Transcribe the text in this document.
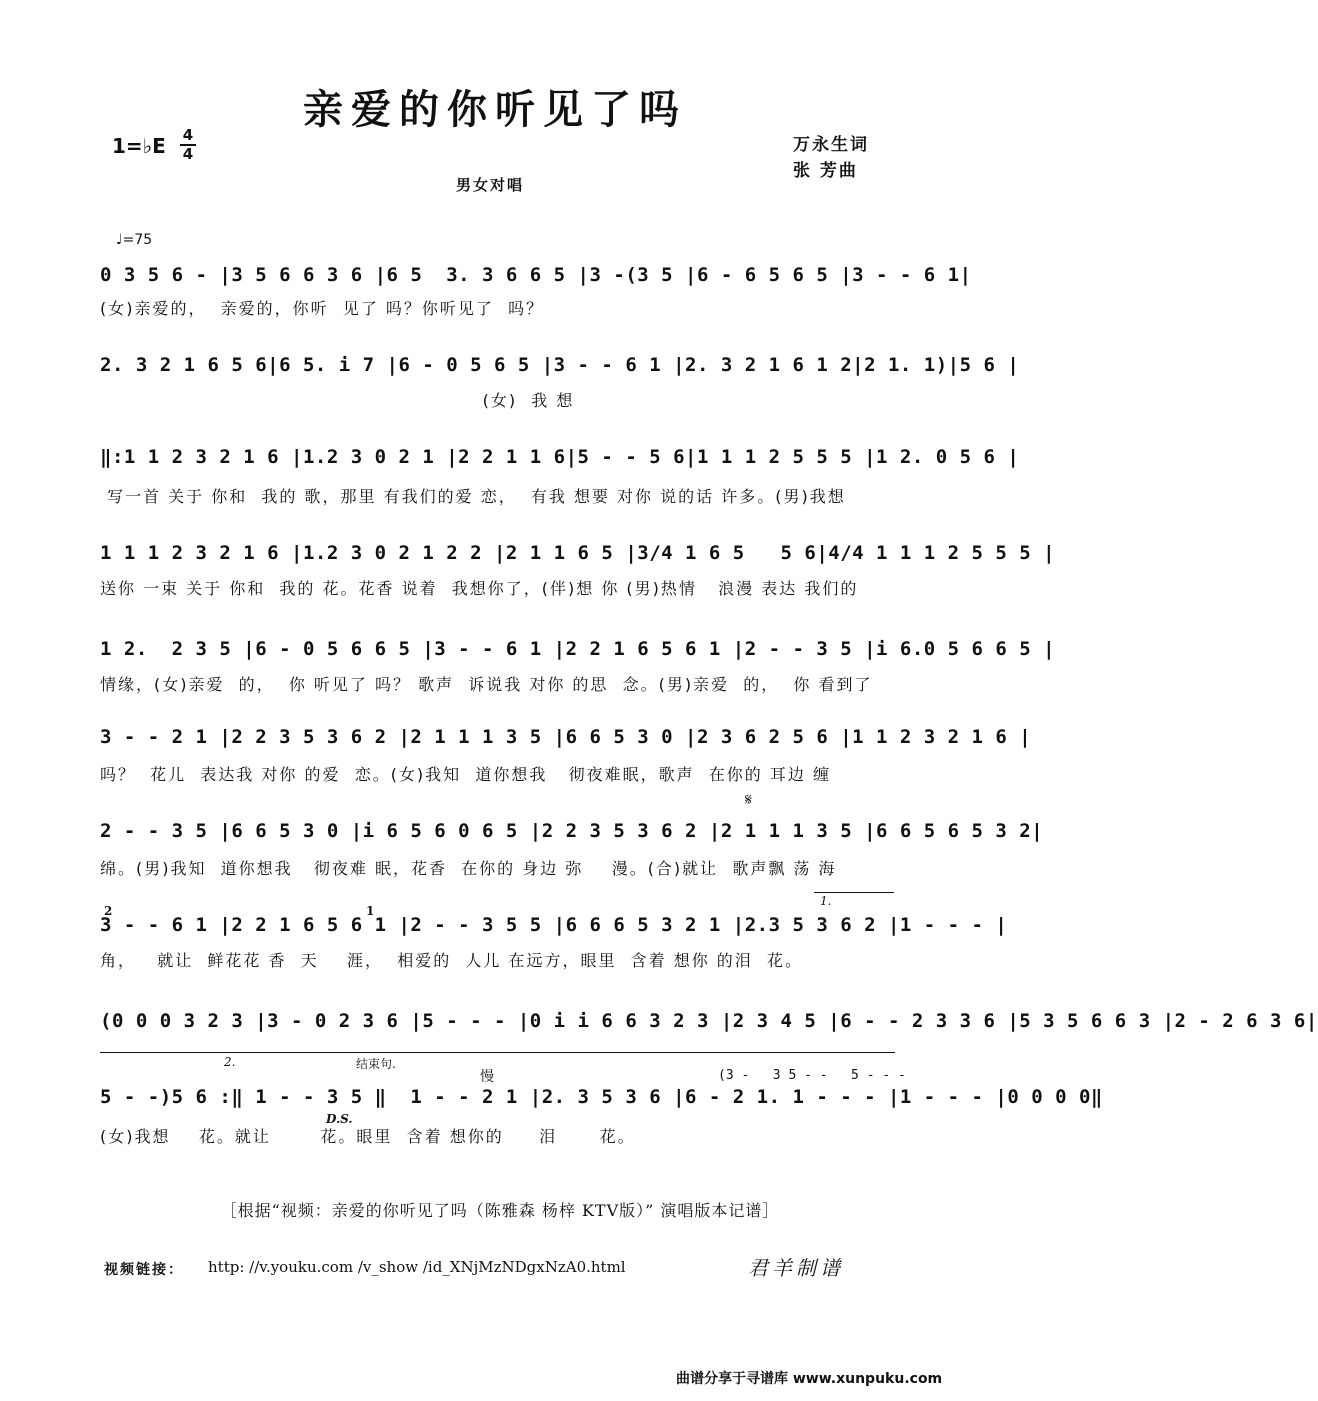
亲爱的你听见了吗
1=♭E 4
4	万永生词
张 芳曲
男女对唱
♩=75
0 3 5 6 - |3 5 6 6 3 6 |6 5  3. 3 6 6 5 |3 -(3 5 |6 - 6 5 6 5 |3 - - 6 1|
(女)亲爱的，  亲爱的，你听  见了 吗？你听见了  吗？
2. 3 2 1 6 5 6|6 5. i 7 |6 - 0 5 6 5 |3 - - 6 1 |2. 3 2 1 6 1 2|2 1. 1)|5 6 |
(女)  我 想
‖:1 1 2 3 2 1 6 |1.2 3 0 2 1 |2 2 1 1 6|5 - - 5 6|1 1 1 2 5 5 5 |1 2. 0 5 6 |
写一首 关于 你和  我的 歌，那里 有我们的爱 恋，  有我 想要 对你 说的话 许多。(男)我想
1 1 1 2 3 2 1 6 |1.2 3 0 2 1 2 2 |2 1 1 6 5 |3/4 1 6 5   5 6|4/4 1 1 1 2 5 5 5 |
送你 一束 关于 你和  我的 花。花香 说着  我想你了，(伴)想 你 (男)热情   浪漫 表达 我们的
1 2.  2 3 5 |6 - 0 5 6 6 5 |3 - - 6 1 |2 2 1 6 5 6 1 |2 - - 3 5 |i 6.0 5 6 6 5 |
情缘，(女)亲爱  的，  你 听见了 吗？ 歌声  诉说我 对你 的思  念。(男)亲爱  的，  你 看到了
3 - - 2 1 |2 2 3 5 3 6 2 |2 1 1 1 3 5 |6 6 5 3 0 |2 3 6 2 5 6 |1 1 2 3 2 1 6 |
吗？  花儿  表达我 对你 的爱  恋。(女)我知  道你想我   彻夜难眠，歌声  在你的 耳边 缠
𝄋
2 - - 3 5 |6 6 5 3 0 |i 6 5 6 0 6 5 |2 2 3 5 3 6 2 |2 1 1 1 3 5 |6 6 5 6 5 3 2|
绵。(男)我知  道你想我   彻夜难 眠，花香  在你的 身边 弥    漫。(合)就让  歌声飘 荡 海
2	1
1.
3 - - 6 1 |2 2 1 6 5 6 1 |2 - - 3 5 5 |6 6 6 5 3 2 1 |2.3 5 3 6 2 |1 - - - |
角，   就让  鲜花花 香  天    涯，  相爱的  人儿 在远方，眼里  含着 想你 的泪  花。
(0 0 0 3 2 3 |3 - 0 2 3 6 |5 - - - |0 i i 6 6 3 2 3 |2 3 4 5 |6 - - 2 3 3 6 |5 3 5 6 6 3 |2 - 2 6 3 6|
2.	结束句.
慢
D.S.
(3 -   3 5 - -   5 - - -
5 - -)5 6 :‖ 1 - - 3 5 ‖  1 - - 2 1 |2. 3 5 3 6 |6 - 2 1. 1 - - - |1 - - - |0 0 0 0‖
(女)我想    花。就让       花。眼里  含着 想你的     泪      花。
［根据“视频：亲爱的你听见了吗（陈雅森 杨梓 KTV版）” 演唱版本记谱］
视频链接： http: //v.youku.com /v_show /id_XNjMzNDgxNzA0.html	君羊制谱
曲谱分享于寻谱库 www.xunpuku.com
